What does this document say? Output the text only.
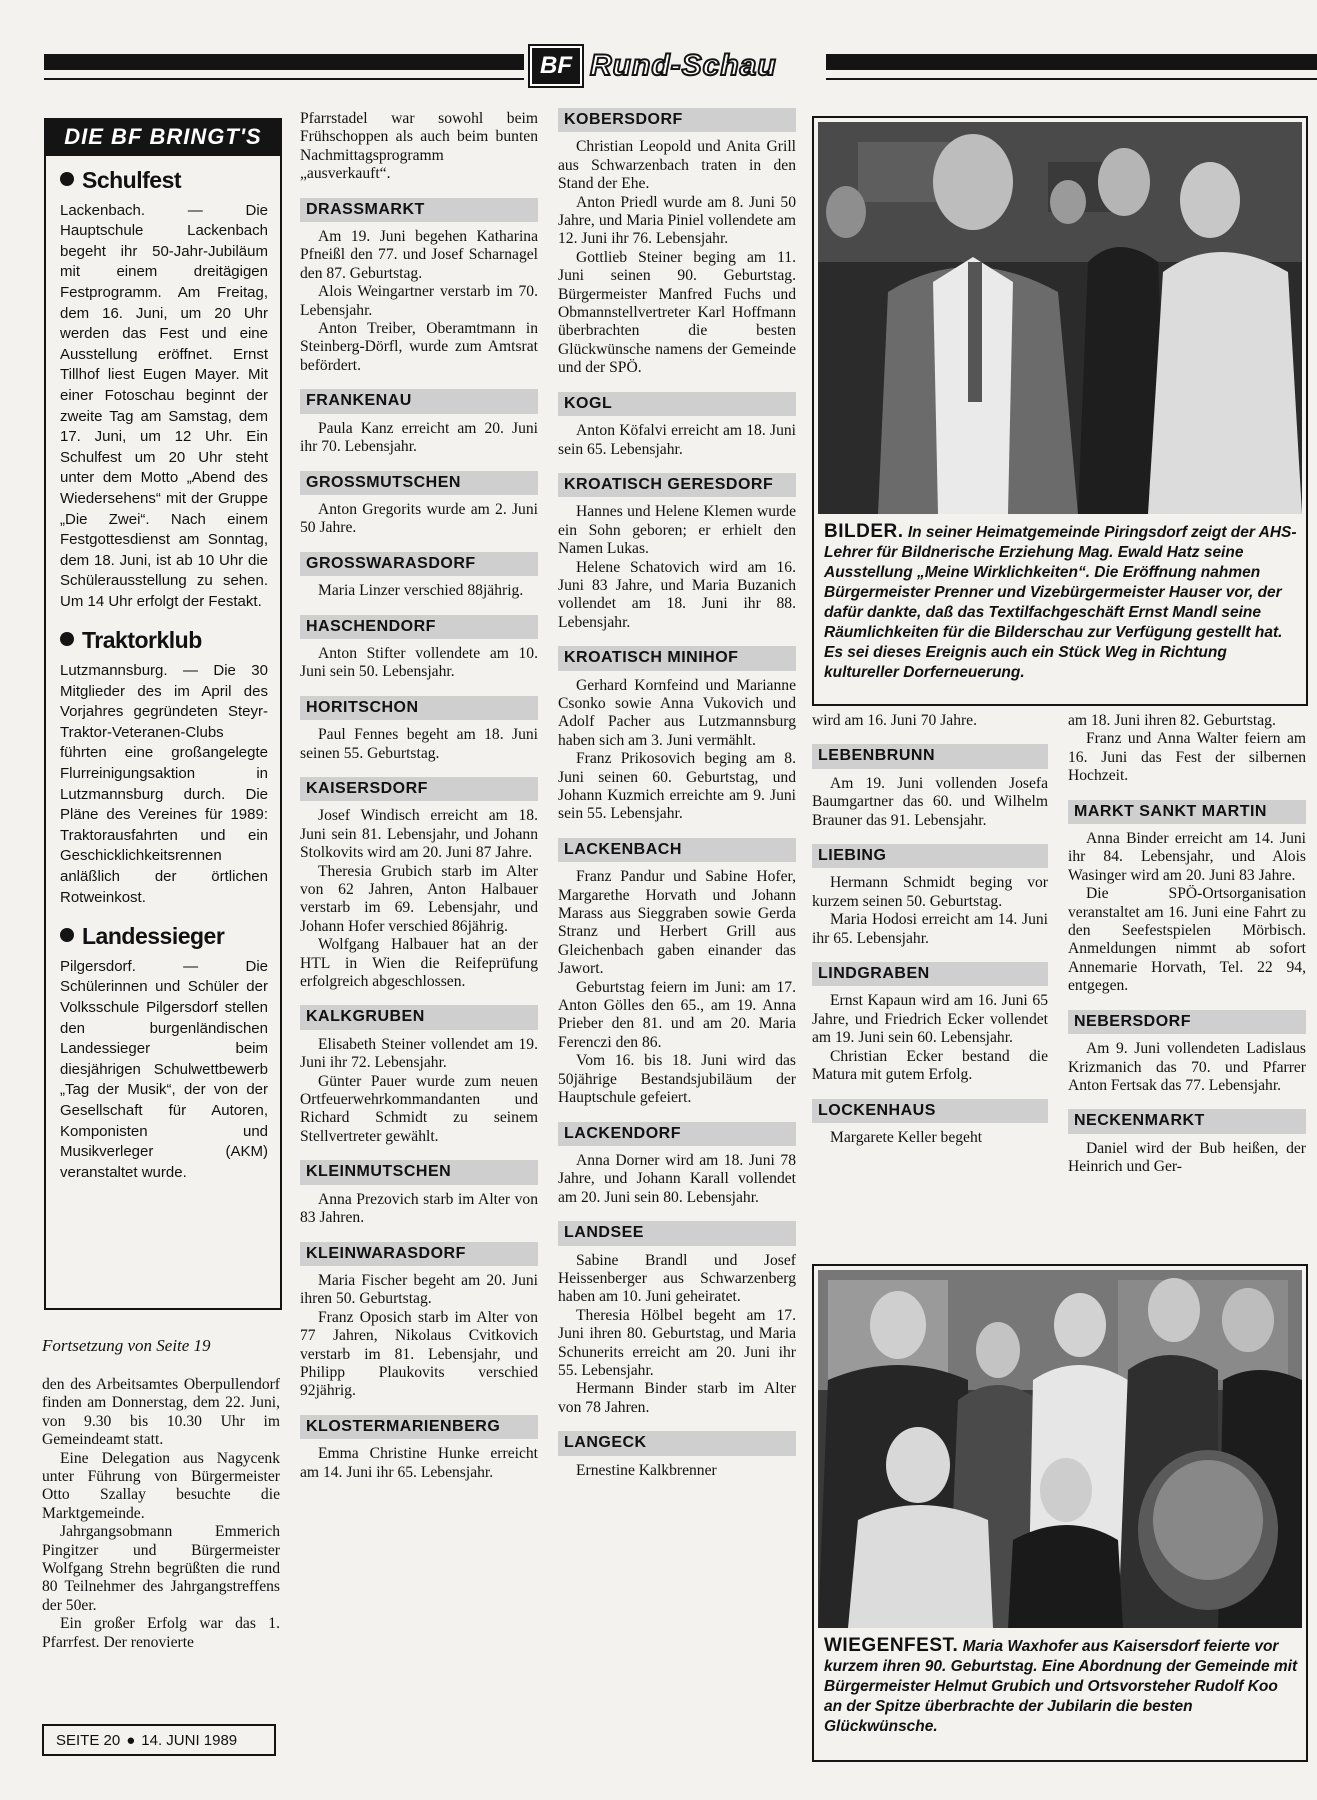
BF Rund-Schau
DIE BF BRINGT'S
Schulfest

Lackenbach. — Die Hauptschule Lackenbach begeht ihr 50-Jahr-Jubiläum mit einem dreitägigen Festprogramm. Am Freitag, dem 16. Juni, um 20 Uhr werden das Fest und eine Ausstellung eröffnet. Ernst Tillhof liest Eugen Mayer. Mit einer Fotoschau beginnt der zweite Tag am Samstag, dem 17. Juni, um 12 Uhr. Ein Schulfest um 20 Uhr steht unter dem Motto „Abend des Wiedersehens“ mit der Gruppe „Die Zwei“. Nach einem Festgottesdienst am Sonntag, dem 18. Juni, ist ab 10 Uhr die Schülerausstellung zu sehen. Um 14 Uhr erfolgt der Festakt.

Traktorklub

Lutzmannsburg. — Die 30 Mitglieder des im April des Vorjahres gegründeten Steyr-Traktor-Veteranen-Clubs führten eine großangelegte Flurreinigungsaktion in Lutzmannsburg durch. Die Pläne des Vereines für 1989: Traktorausfahrten und ein Geschicklichkeitsrennen anläßlich der örtlichen Rotweinkost.

Landessieger

Pilgersdorf. — Die Schülerinnen und Schüler der Volksschule Pilgersdorf stellen den burgenländischen Landessieger beim diesjährigen Schulwettbewerb „Tag der Musik“, der von der Gesellschaft für Autoren, Komponisten und Musikverleger (AKM) veranstaltet wurde.

Fortsetzung von Seite 19

den des Arbeitsamtes Oberpullendorf finden am Donnerstag, dem 22. Juni, von 9.30 bis 10.30 Uhr im Gemeindeamt statt.

Eine Delegation aus Nagycenk unter Führung von Bürgermeister Otto Szallay besuchte die Marktgemeinde.

Jahrgangsobmann Emmerich Pingitzer und Bürgermeister Wolfgang Strehn begrüßten die rund 80 Teilnehmer des Jahrgangstreffens der 50er.

Ein großer Erfolg war das 1. Pfarrfest. Der renovierte

SEITE 20 ● 14. JUNI 1989

Pfarrstadel war sowohl beim Frühschoppen als auch beim bunten Nachmittagsprogramm „ausverkauft“.

DRASSMARKT

Am 19. Juni begehen Katharina Pfneißl den 77. und Josef Scharnagel den 87. Geburtstag.

Alois Weingartner verstarb im 70. Lebensjahr.

Anton Treiber, Oberamtmann in Steinberg-Dörfl, wurde zum Amtsrat befördert.

FRANKENAU

Paula Kanz erreicht am 20. Juni ihr 70. Lebensjahr.

GROSSMUTSCHEN

Anton Gregorits wurde am 2. Juni 50 Jahre.

GROSSWARASDORF

Maria Linzer verschied 88jährig.

HASCHENDORF

Anton Stifter vollendete am 10. Juni sein 50. Lebensjahr.

HORITSCHON

Paul Fennes begeht am 18. Juni seinen 55. Geburtstag.

KAISERSDORF

Josef Windisch erreicht am 18. Juni sein 81. Lebensjahr, und Johann Stolkovits wird am 20. Juni 87 Jahre.

Theresia Grubich starb im Alter von 62 Jahren, Anton Halbauer verstarb im 69. Lebensjahr, und Johann Hofer verschied 86jährig.

Wolfgang Halbauer hat an der HTL in Wien die Reifeprüfung erfolgreich abgeschlossen.

KALKGRUBEN

Elisabeth Steiner vollendet am 19. Juni ihr 72. Lebensjahr.

Günter Pauer wurde zum neuen Ortfeuerwehrkommandanten und Richard Schmidt zu seinem Stellvertreter gewählt.

KLEINMUTSCHEN

Anna Prezovich starb im Alter von 83 Jahren.

KLEINWARASDORF

Maria Fischer begeht am 20. Juni ihren 50. Geburtstag.

Franz Oposich starb im Alter von 77 Jahren, Nikolaus Cvitkovich verstarb im 81. Lebensjahr, und Philipp Plaukovits verschied 92jährig.

KLOSTERMARIENBERG

Emma Christine Hunke erreicht am 14. Juni ihr 65. Lebensjahr.

KOBERSDORF

Christian Leopold und Anita Grill aus Schwarzenbach traten in den Stand der Ehe.

Anton Priedl wurde am 8. Juni 50 Jahre, und Maria Piniel vollendete am 12. Juni ihr 76. Lebensjahr.

Gottlieb Steiner beging am 11. Juni seinen 90. Geburtstag. Bürgermeister Manfred Fuchs und Obmannstellvertreter Karl Hoffmann überbrachten die besten Glückwünsche namens der Gemeinde und der SPÖ.

KOGL

Anton Köfalvi erreicht am 18. Juni sein 65. Lebensjahr.

KROATISCH GERESDORF

Hannes und Helene Klemen wurde ein Sohn geboren; er erhielt den Namen Lukas.

Helene Schatovich wird am 16. Juni 83 Jahre, und Maria Buzanich vollendet am 18. Juni ihr 88. Lebensjahr.

KROATISCH MINIHOF

Gerhard Kornfeind und Marianne Csonko sowie Anna Vukovich und Adolf Pacher aus Lutzmannsburg haben sich am 3. Juni vermählt.

Franz Prikosovich beging am 8. Juni seinen 60. Geburtstag, und Johann Kuzmich erreichte am 9. Juni sein 55. Lebensjahr.

LACKENBACH

Franz Pandur und Sabine Hofer, Margarethe Horvath und Johann Marass aus Sieggraben sowie Gerda Stranz und Herbert Grill aus Gleichenbach gaben einander das Jawort.

Geburtstag feiern im Juni: am 17. Anton Gölles den 65., am 19. Anna Prieber den 81. und am 20. Maria Ferenczi den 86.

Vom 16. bis 18. Juni wird das 50jährige Bestandsjubiläum der Hauptschule gefeiert.

LACKENDORF

Anna Dorner wird am 18. Juni 78 Jahre, und Johann Karall vollendet am 20. Juni sein 80. Lebensjahr.

LANDSEE

Sabine Brandl und Josef Heissenberger aus Schwarzenberg haben am 10. Juni geheiratet.

Theresia Hölbel begeht am 17. Juni ihren 80. Geburtstag, und Maria Schunerits erreicht am 20. Juni ihr 55. Lebensjahr.

Hermann Binder starb im Alter von 78 Jahren.

LANGECK

Ernestine Kalkbrenner

BILDER. In seiner Heimatgemeinde Piringsdorf zeigt der AHS-Lehrer für Bildnerische Erziehung Mag. Ewald Hatz seine Ausstellung „Meine Wirklichkeiten“. Die Eröffnung nahmen Bürgermeister Prenner und Vizebürgermeister Hauser vor, der dafür dankte, daß das Textilfachgeschäft Ernst Mandl seine Räumlichkeiten für die Bilderschau zur Verfügung gestellt hat. Es sei dieses Ereignis auch ein Stück Weg in Richtung kultureller Dorferneuerung.

wird am 16. Juni 70 Jahre.

LEBENBRUNN

Am 19. Juni vollenden Josefa Baumgartner das 60. und Wilhelm Brauner das 91. Lebensjahr.

LIEBING

Hermann Schmidt beging vor kurzem seinen 50. Geburtstag.

Maria Hodosi erreicht am 14. Juni ihr 65. Lebensjahr.

LINDGRABEN

Ernst Kapaun wird am 16. Juni 65 Jahre, und Friedrich Ecker vollendet am 19. Juni sein 60. Lebensjahr.

Christian Ecker bestand die Matura mit gutem Erfolg.

LOCKENHAUS

Margarete Keller begeht

am 18. Juni ihren 82. Geburtstag.

Franz und Anna Walter feiern am 16. Juni das Fest der silbernen Hochzeit.

MARKT SANKT MARTIN

Anna Binder erreicht am 14. Juni ihr 84. Lebensjahr, und Alois Wasinger wird am 20. Juni 83 Jahre.

Die SPÖ-Ortsorganisation veranstaltet am 16. Juni eine Fahrt zu den Seefestspielen Mörbisch. Anmeldungen nimmt ab sofort Annemarie Horvath, Tel. 22 94, entgegen.

NEBERSDORF

Am 9. Juni vollendeten Ladislaus Krizmanich das 70. und Pfarrer Anton Fertsak das 77. Lebensjahr.

NECKENMARKT

Daniel wird der Bub heißen, der Heinrich und Ger-

WIEGENFEST. Maria Waxhofer aus Kaisersdorf feierte vor kurzem ihren 90. Geburtstag. Eine Abordnung der Gemeinde mit Bürgermeister Helmut Grubich und Ortsvorsteher Rudolf Koo an der Spitze überbrachte der Jubilarin die besten Glückwünsche.
